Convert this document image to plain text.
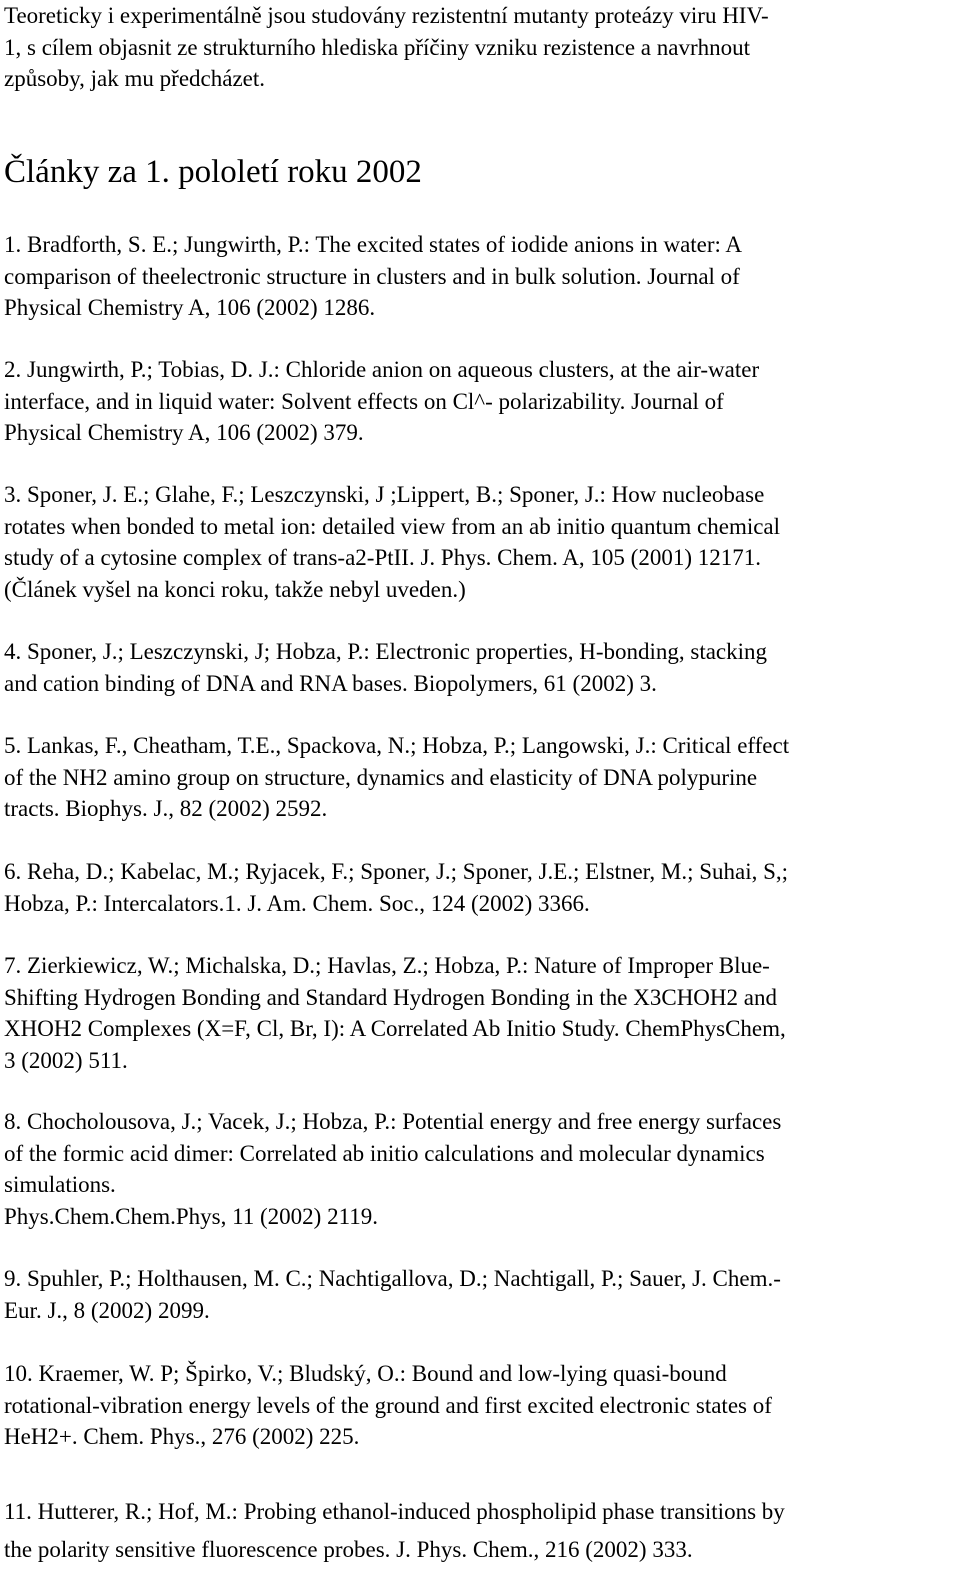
Teoreticky i experimentálně jsou studovány rezistentní mutanty proteázy viru HIV-
1, s cílem objasnit ze strukturního hlediska příčiny vzniku rezistence a navrhnout
způsoby, jak mu předcházet.

Články za 1. pololetí roku 2002

1. Bradforth, S. E.; Jungwirth, P.: The excited states of iodide anions in water: A
comparison of theelectronic structure in clusters and in bulk solution. Journal of
Physical Chemistry A, 106 (2002) 1286.

2. Jungwirth, P.; Tobias, D. J.: Chloride anion on aqueous clusters, at the air-water
interface, and in liquid water: Solvent effects on Cl^- polarizability. Journal of
Physical Chemistry A, 106 (2002) 379.

3. Sponer, J. E.; Glahe, F.; Leszczynski, J ;Lippert, B.; Sponer, J.: How nucleobase
rotates when bonded to metal ion: detailed view from an ab initio quantum chemical
study of a cytosine complex of trans-a2-PtII. J. Phys. Chem. A, 105 (2001) 12171.
(Článek vyšel na konci roku, takže nebyl uveden.)

4. Sponer, J.; Leszczynski, J; Hobza, P.: Electronic properties, H-bonding, stacking
and cation binding of DNA and RNA bases. Biopolymers, 61 (2002) 3.

5. Lankas, F., Cheatham, T.E., Spackova, N.; Hobza, P.; Langowski, J.: Critical effect
of the NH2 amino group on structure, dynamics and elasticity of DNA polypurine
tracts. Biophys. J., 82 (2002) 2592.

6. Reha, D.; Kabelac, M.; Ryjacek, F.; Sponer, J.; Sponer, J.E.; Elstner, M.; Suhai, S,;
Hobza, P.: Intercalators.1. J. Am. Chem. Soc., 124 (2002) 3366.

7. Zierkiewicz, W.; Michalska, D.; Havlas, Z.; Hobza, P.: Nature of Improper Blue-
Shifting Hydrogen Bonding and Standard Hydrogen Bonding in the X3CHOH2 and
XHOH2 Complexes (X=F, Cl, Br, I): A Correlated Ab Initio Study. ChemPhysChem,
3 (2002) 511.

8. Chocholousova, J.; Vacek, J.; Hobza, P.: Potential energy and free energy surfaces
of the formic acid dimer: Correlated ab initio calculations and molecular dynamics
simulations.
Phys.Chem.Chem.Phys, 11 (2002) 2119.

9. Spuhler, P.; Holthausen, M. C.; Nachtigallova, D.; Nachtigall, P.; Sauer, J. Chem.-
Eur. J., 8 (2002) 2099.

10. Kraemer, W. P; Špirko, V.; Bludský, O.: Bound and low-lying quasi-bound
rotational-vibration energy levels of the ground and first excited electronic states of
HeH2+. Chem. Phys., 276 (2002) 225.

11. Hutterer, R.; Hof, M.: Probing ethanol-induced phospholipid phase transitions by
the polarity sensitive fluorescence probes. J. Phys. Chem., 216 (2002) 333.
